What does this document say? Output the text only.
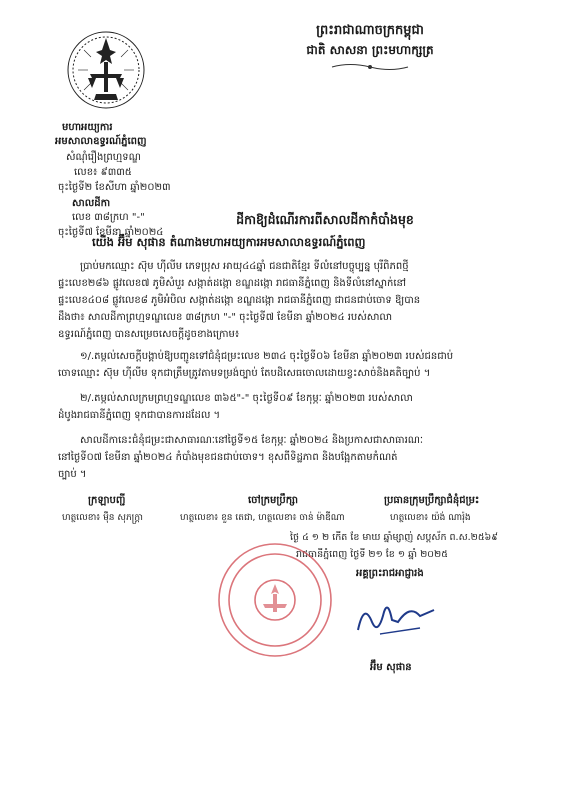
ព្រះរាជាណាចក្រកម្ពុជា
ជាតិ សាសនា ព្រះមហាក្សត្រ
មហាអយ្យការ
អមសាលាឧទ្ធរណ៍ភ្នំពេញ
សំណុំរឿងព្រហ្មទណ្ឌ
លេខ៖ ៩៣៣៥
ចុះថ្ងៃទី២ ខែសីហា ឆ្នាំ២០២៣
សាលដីកា
លេខ ៣៨ក្រហ "-"
ចុះថ្ងៃទី៧ ខែមីនា ឆ្នាំ២០២៤
ដីកាឱ្យដំណើរការពីសាលដីកាកំបាំងមុខ
យើង អ៊ឹម សុផាន តំណាងមហាអយ្យការអមសាលាឧទ្ធរណ៍ភ្នំពេញ
ប្រាប់មកឈ្មោះ ស៊ុម ហ៊ីលីម ភេទប្រុស អាយុ៤៤ឆ្នាំ ជនជាតិខ្មែរ ទីលំនៅបច្ចុប្បន្ន បុរីពិភពថ្មី
ផ្ទះលេខ២៨៦ ផ្លូវលេខ៧ ភូមិសំបួរ សង្កាត់ដង្កោ ខណ្ឌដង្កោ រាជធានីភ្នំពេញ និងទីលំនៅស្នាក់នៅ
ផ្ទះលេខ៤០៨ ផ្លូវលេខ៨ ភូមិអំបិល សង្កាត់ដង្កោ ខណ្ឌដង្កោ រាជធានីភ្នំពេញ ជាជនជាប់ចោទ ឱ្យបាន
ដឹងថា៖ សាលដីកាព្រហ្មទណ្ឌលេខ ៣៨ក្រហ "-" ចុះថ្ងៃទី៧ ខែមីនា ឆ្នាំ២០២៤ របស់សាលា
ឧទ្ធរណ៍ភ្នំពេញ បានសម្រេចសេចក្ដីដូចខាងក្រោម៖
១/.តម្កល់សេចក្ដីបង្គាប់ឱ្យបញ្ជូនទៅជំនុំជម្រះលេខ ២៣៤ ចុះថ្ងៃទី០៦ ខែមីនា ឆ្នាំ២០២៣ របស់ជនជាប់
ចោទឈ្មោះ ស៊ុម ហ៊ីលីម ទុកជាត្រឹមត្រូវតាមទម្រង់ច្បាប់ តែបដិសេធចោលដោយខ្វះសាច់និងគតិច្បាប់ ។
២/.តម្កល់សាលក្រមព្រហ្មទណ្ឌលេខ ៣៦៥"-" ចុះថ្ងៃទី០៩ ខែកុម្ភៈ ឆ្នាំ២០២៣ របស់សាលា
ដំបូងរាជធានីភ្នំពេញ ទុកជាបានការដដែល ។
សាលដីកានេះជំនុំជម្រះជាសាធារណៈនៅថ្ងៃទី១៥ ខែកុម្ភៈ ឆ្នាំ២០២៤ និងប្រកាសជាសាធារណៈ
នៅថ្ងៃទី០៧ ខែមីនា ឆ្នាំ២០២៤ កំបាំងមុខជនជាប់ចោទ។ ខុសពីទិដ្ឋភាព និងបង្អែកតាមកំណត់
ច្បាប់ ។
ក្រឡាបញ្ជី	ចៅក្រមប្រឹក្សា	ប្រធានក្រុមប្រឹក្សាជំនុំជម្រះ
ហត្ថលេខា៖ ម៉ឹន សុភក្ដ្រា	ហត្ថលេខា៖ ខួន តេជា, ហត្ថលេខា៖ ចាន់ ម៉ាឌីណា	ហត្ថលេខា៖ យ៉ង់ ណារ៉ុង
ថ្ងៃ ៤ ១ ២ កើត ខែ មាឃ ឆ្នាំម្សាញ់ សប្ដស័ក ព.ស.២៥៦៩
រាជធានីភ្នំពេញ ថ្ងៃទី ២១ ខែ ១ ឆ្នាំ ២០២៥
អគ្គព្រះរាជអាជ្ញារង
អ៊ឹម សុផាន
